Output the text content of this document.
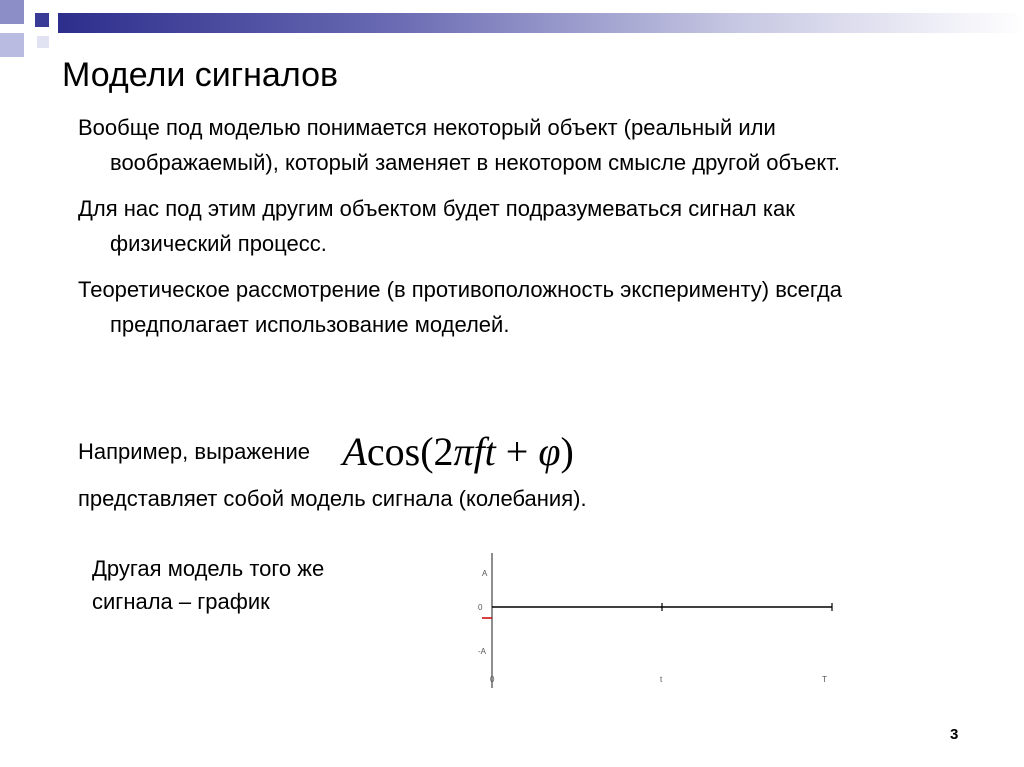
Модели сигналов

Вообще под моделью понимается некоторый объект (реальный или воображаемый), который заменяет в некотором смысле другой объект.

Для нас под этим другим объектом будет подразумеваться сигнал как физический процесс.

Теоретическое рассмотрение (в противоположность эксперименту) всегда предполагает использование моделей.

Например, выражение Acos(2πft + φ)
представляет собой модель сигнала (колебания).
Другая модель того же
сигнала – график
A
0
-A
0	t	T
3
